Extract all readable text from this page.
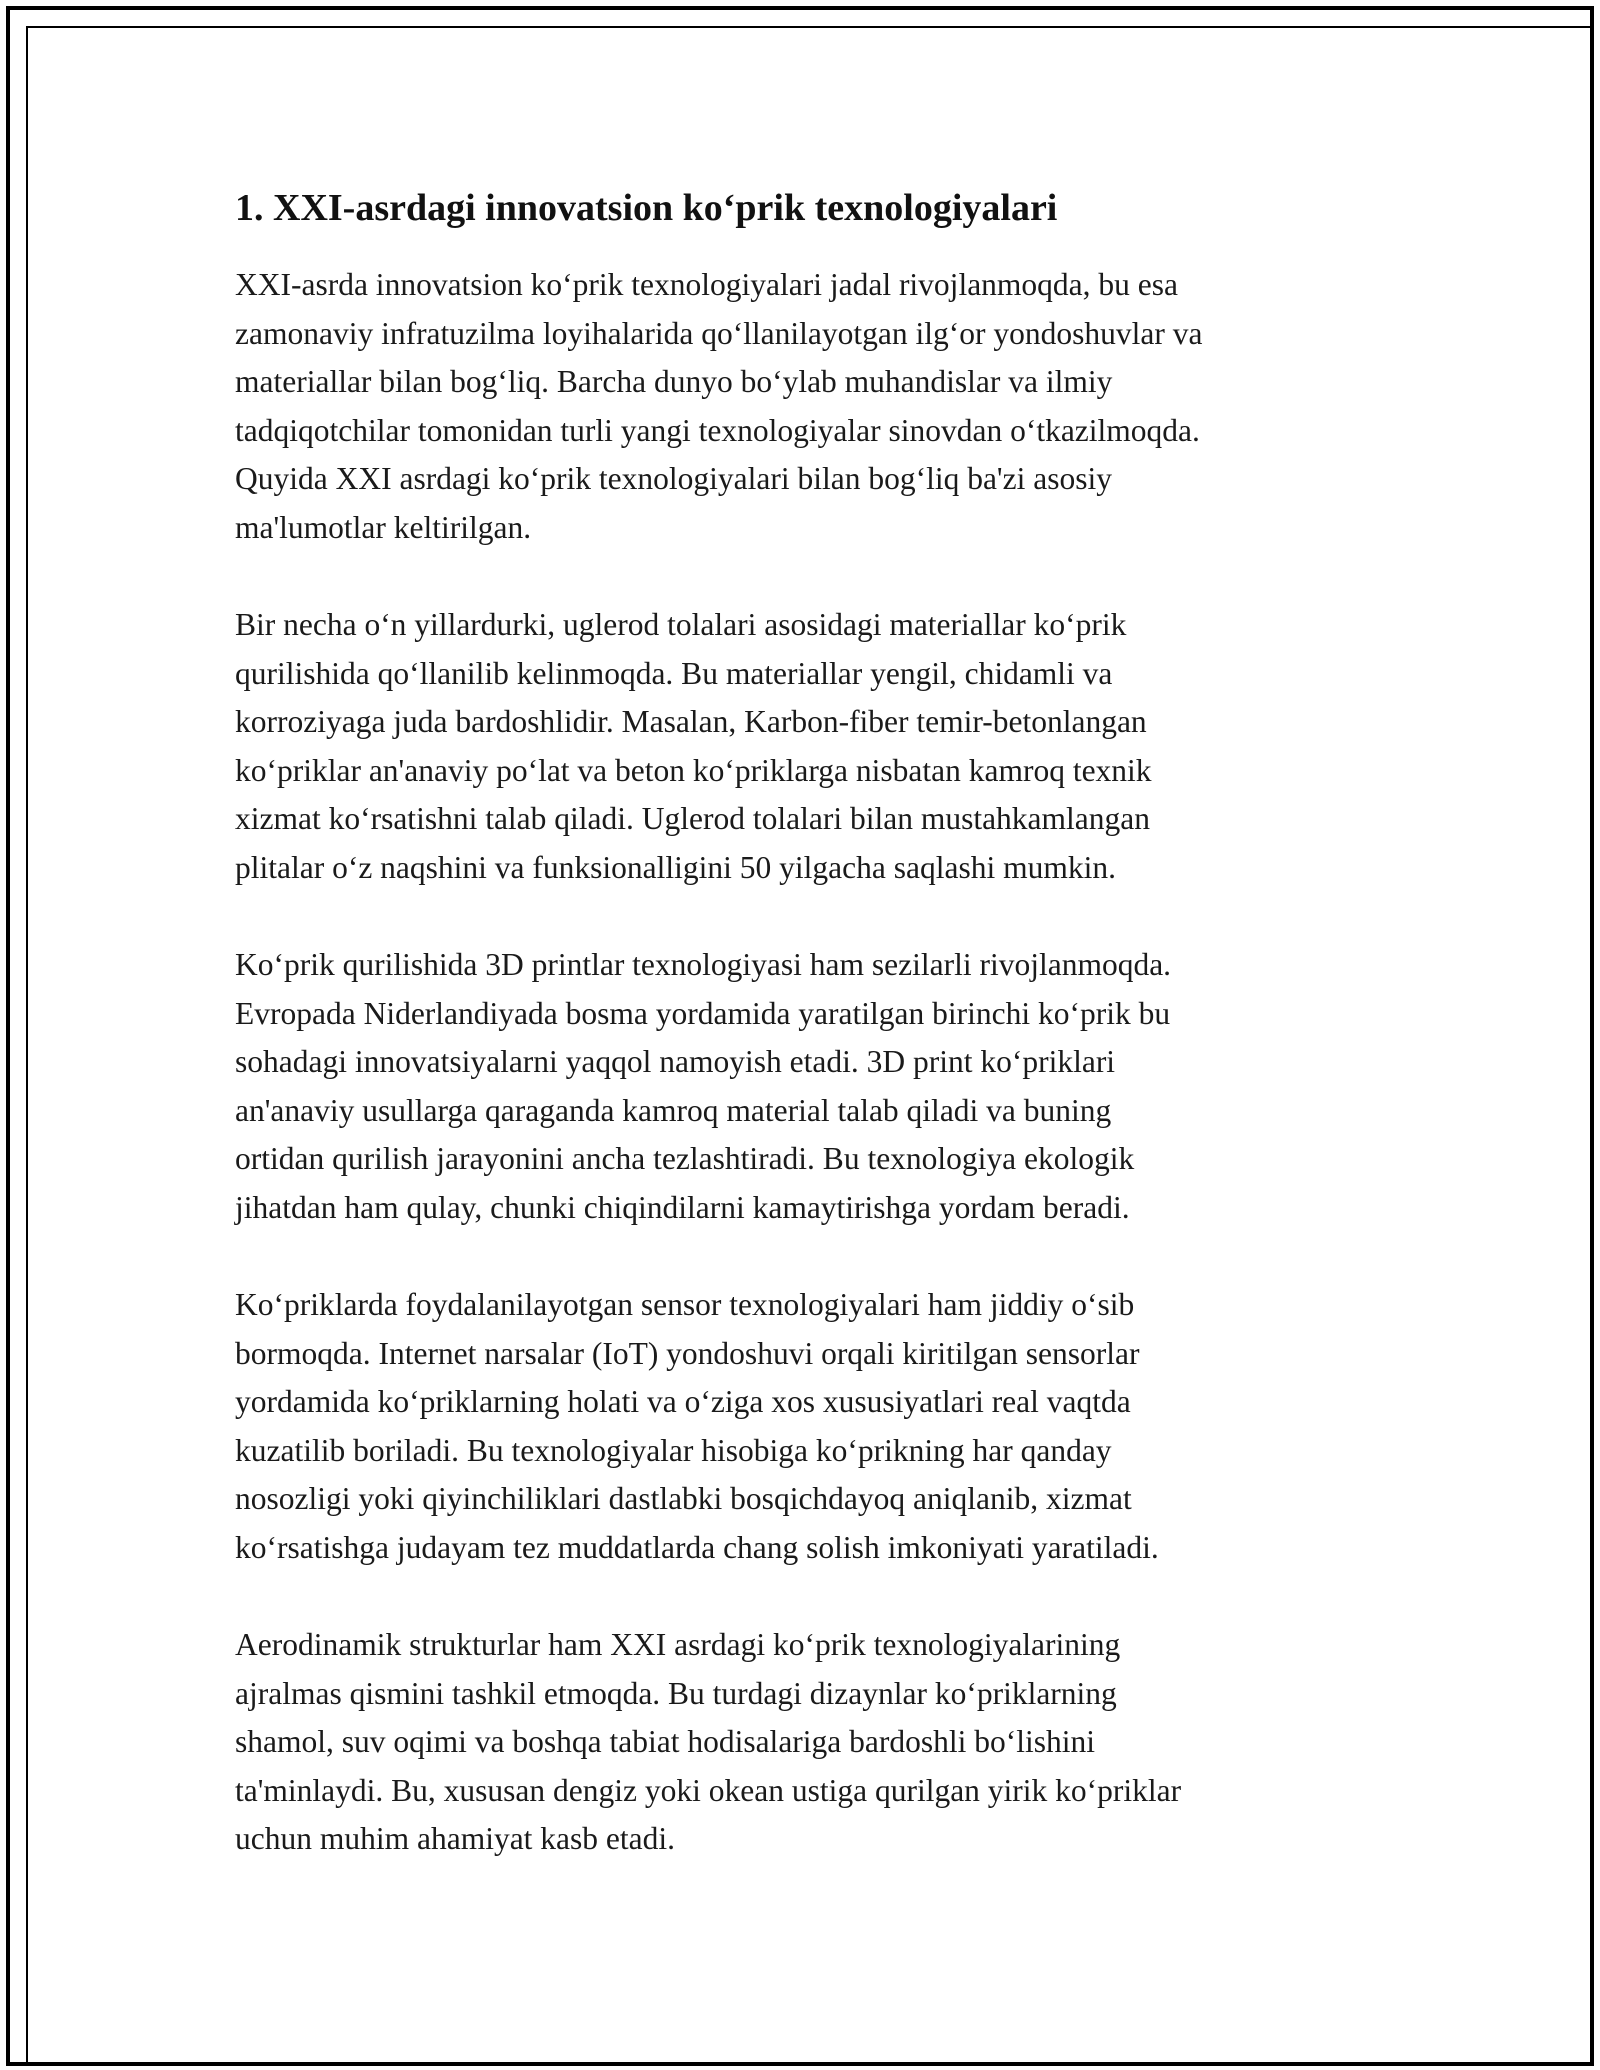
1. XXI-asrdagi innovatsion ko‘prik texnologiyalari

XXI-asrda innovatsion ko‘prik texnologiyalari jadal rivojlanmoqda, bu esa
zamonaviy infratuzilma loyihalarida qo‘llanilayotgan ilg‘or yondoshuvlar va
materiallar bilan bog‘liq. Barcha dunyo bo‘ylab muhandislar va ilmiy
tadqiqotchilar tomonidan turli yangi texnologiyalar sinovdan o‘tkazilmoqda.
Quyida XXI asrdagi ko‘prik texnologiyalari bilan bog‘liq ba'zi asosiy
ma'lumotlar keltirilgan.

Bir necha o‘n yillardurki, uglerod tolalari asosidagi materiallar ko‘prik
qurilishida qo‘llanilib kelinmoqda. Bu materiallar yengil, chidamli va
korroziyaga juda bardoshlidir. Masalan, Karbon-fiber temir-betonlangan
ko‘priklar an'anaviy po‘lat va beton ko‘priklarga nisbatan kamroq texnik
xizmat ko‘rsatishni talab qiladi. Uglerod tolalari bilan mustahkamlangan
plitalar o‘z naqshini va funksionalligini 50 yilgacha saqlashi mumkin.

Ko‘prik qurilishida 3D printlar texnologiyasi ham sezilarli rivojlanmoqda.
Evropada Niderlandiyada bosma yordamida yaratilgan birinchi ko‘prik bu
sohadagi innovatsiyalarni yaqqol namoyish etadi. 3D print ko‘priklari
an'anaviy usullarga qaraganda kamroq material talab qiladi va buning
ortidan qurilish jarayonini ancha tezlashtiradi. Bu texnologiya ekologik
jihatdan ham qulay, chunki chiqindilarni kamaytirishga yordam beradi.

Ko‘priklarda foydalanilayotgan sensor texnologiyalari ham jiddiy o‘sib
bormoqda. Internet narsalar (IoT) yondoshuvi orqali kiritilgan sensorlar
yordamida ko‘priklarning holati va o‘ziga xos xususiyatlari real vaqtda
kuzatilib boriladi. Bu texnologiyalar hisobiga ko‘prikning har qanday
nosozligi yoki qiyinchiliklari dastlabki bosqichdayoq aniqlanib, xizmat
ko‘rsatishga judayam tez muddatlarda chang solish imkoniyati yaratiladi.

Aerodinamik strukturlar ham XXI asrdagi ko‘prik texnologiyalarining
ajralmas qismini tashkil etmoqda. Bu turdagi dizaynlar ko‘priklarning
shamol, suv oqimi va boshqa tabiat hodisalariga bardoshli bo‘lishini
ta'minlaydi. Bu, xususan dengiz yoki okean ustiga qurilgan yirik ko‘priklar
uchun muhim ahamiyat kasb etadi.
